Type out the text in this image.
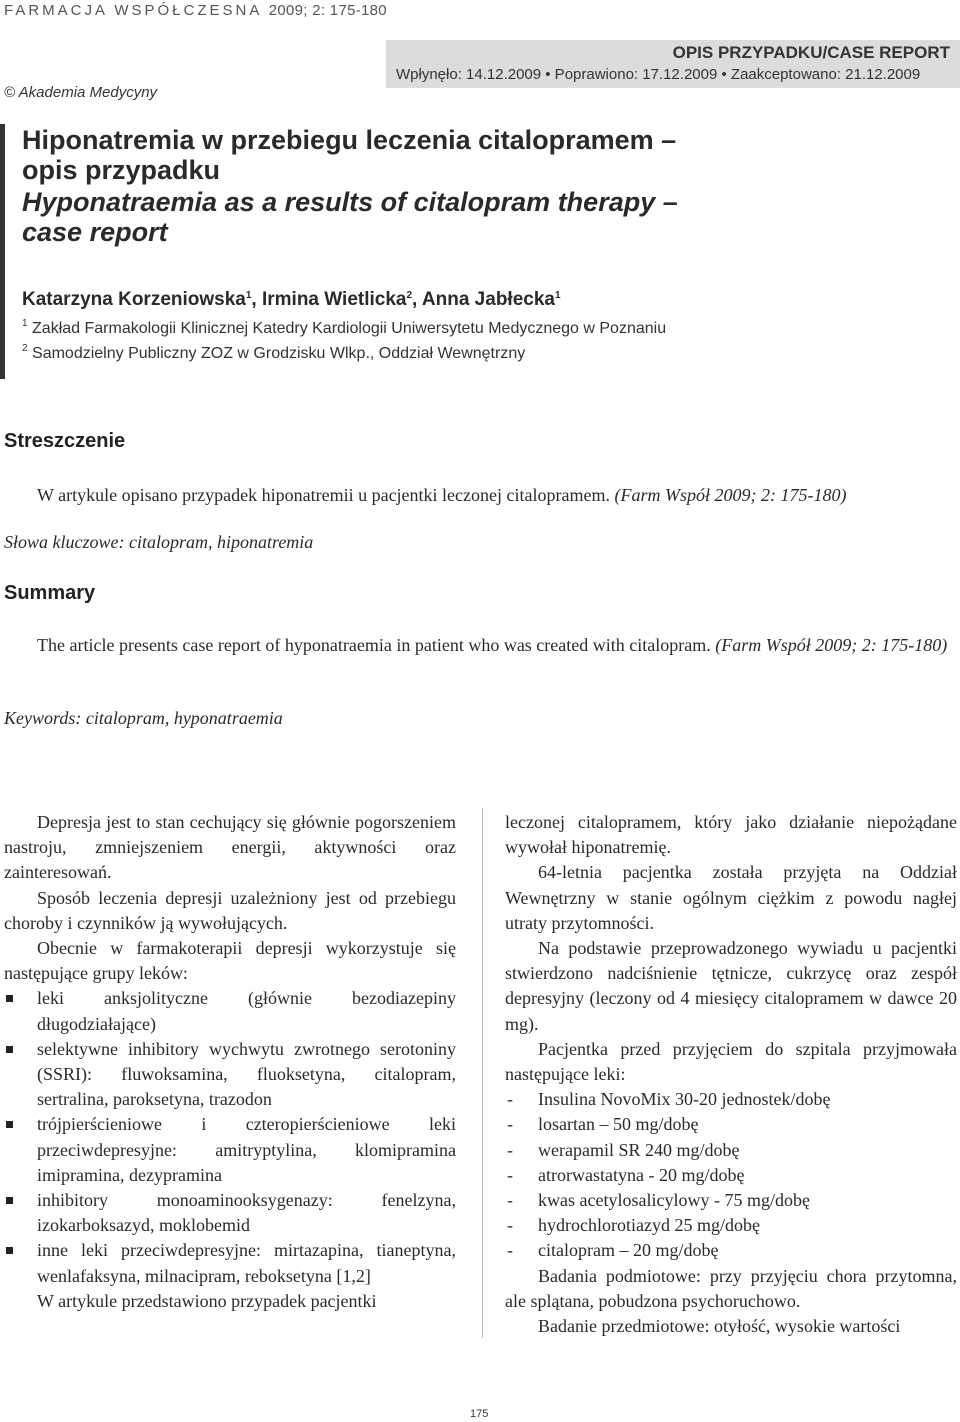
FARMACJA WSPÓŁCZESNA 2009; 2: 175-180
© Akademia Medycyny
OPIS PRZYPADKU/CASE REPORT
Wpłynęło: 14.12.2009 • Poprawiono: 17.12.2009 • Zaakceptowano: 21.12.2009
Hiponatremia w przebiegu leczenia citalopramem –
opis przypadku
Hyponatraemia as a results of citalopram therapy –
case report
Katarzyna Korzeniowska$^1$, Irmina Wietlicka$^2$, Anna Jabłecka$^1$
$^1$ Zakład Farmakologii Klinicznej Katedry Kardiologii Uniwersytetu Medycznego w Poznaniu
$^2$ Samodzielny Publiczny ZOZ w Grodzisku Wlkp., Oddział Wewnętrzny
Streszczenie
W artykule opisano przypadek hiponatremii u pacjentki leczonej citalopramem. (Farm Współ 2009; 2: 175-180)
Słowa kluczowe: citalopram, hiponatremia
Summary
The article presents case report of hyponatraemia in patient who was created with citalopram. (Farm Współ 2009; 2: 175-180)
Keywords: citalopram, hyponatraemia

Depresja jest to stan cechujący się głównie pogorszeniem nastroju, zmniejszeniem energii, aktywności oraz zainteresowań.

Sposób leczenia depresji uzależniony jest od przebiegu choroby i czynników ją wywołujących.

Obecnie w farmakoterapii depresji wykorzystuje się następujące grupy leków:

leki anksjolityczne (głównie bezodiazepiny długodziałające)
selektywne inhibitory wychwytu zwrotnego serotoniny (SSRI): fluwoksamina, fluoksetyna, citalopram, sertralina, paroksetyna, trazodon
trójpierścieniowe i czteropierścieniowe leki przeciwdepresyjne: amitryptylina, klomipramina imipramina, dezypramina
inhibitory monoaminooksygenazy: fenelzyna, izokarboksazyd, moklobemid
inne leki przeciwdepresyjne: mirtazapina, tianeptyna, wenlafaksyna, milnacipram, reboksetyna [1,2]

W artykule przedstawiono przypadek pacjentki

leczonej citalopramem, który jako działanie niepożądane wywołał hiponatremię.

64-letnia pacjentka została przyjęta na Oddział Wewnętrzny w stanie ogólnym ciężkim z powodu nagłej utraty przytomności.

Na podstawie przeprowadzonego wywiadu u pacjentki stwierdzono nadciśnienie tętnicze, cukrzycę oraz zespół depresyjny (leczony od 4 miesięcy citalopramem w dawce 20 mg).

Pacjentka przed przyjęciem do szpitala przyjmowała następujące leki:

- Insulina NovoMix 30-20 jednostek/dobę
- losartan – 50 mg/dobę
- werapamil SR 240 mg/dobę
- atrorwastatyna - 20 mg/dobę
- kwas acetylosalicylowy - 75 mg/dobę
- hydrochlorotiazyd 25 mg/dobę
- citalopram – 20 mg/dobę

Badania podmiotowe: przy przyjęciu chora przytomna, ale splątana, pobudzona psychoruchowo.

Badanie przedmiotowe: otyłość, wysokie wartości

175
